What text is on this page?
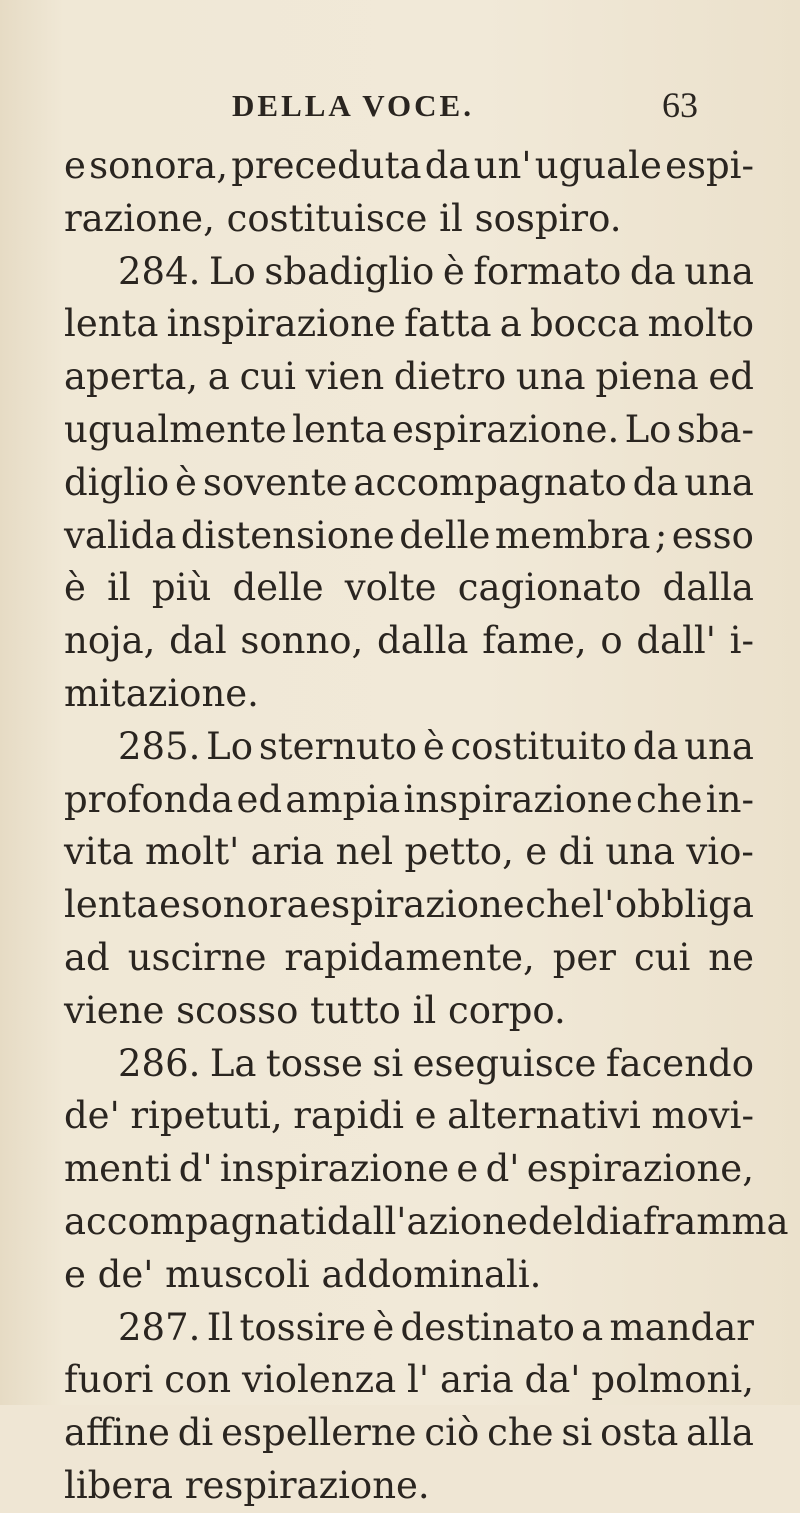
DELLA VOCE.	63
e sonora, preceduta da un' uguale espi-
razione, costituisce il sospiro.
284. Lo sbadiglio è formato da una
lenta inspirazione fatta a bocca molto
aperta, a cui vien dietro una piena ed
ugualmente lenta espirazione. Lo sba-
diglio è sovente accompagnato da una
valida distensione delle membra ; esso
è il più delle volte cagionato dalla
noja, dal sonno, dalla fame, o dall' i-
mitazione.
285. Lo sternuto è costituito da una
profonda ed ampia inspirazione che in-
vita molt' aria nel petto, e di una vio-
lenta e sonora espirazione che l' obbliga
ad uscirne rapidamente, per cui ne
viene scosso tutto il corpo.
286. La tosse si eseguisce facendo
de' ripetuti, rapidi e alternativi movi-
menti d' inspirazione e d' espirazione,
accompagnati dall' azione del diaframma
e de' muscoli addominali.
287. Il tossire è destinato a mandar
fuori con violenza l' aria da' polmoni,
affine di espellerne ciò che si osta alla
libera respirazione.
